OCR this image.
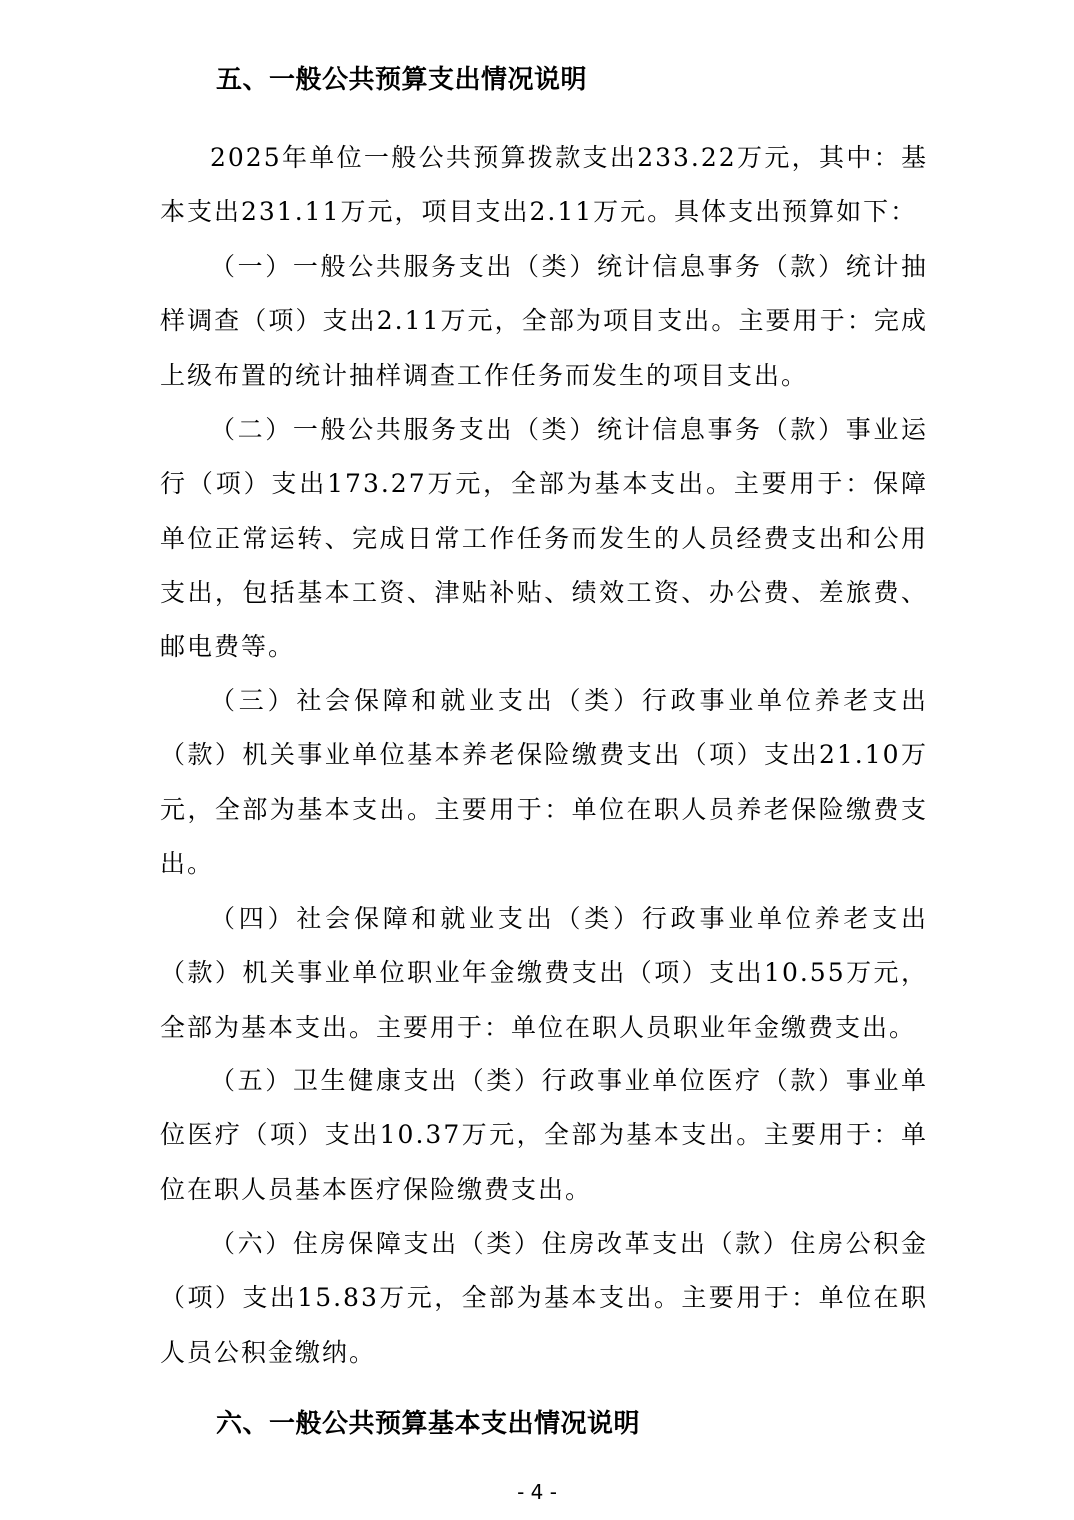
五、一般公共预算支出情况说明

2025年单位一般公共预算拨款支出233.22万元，其中：基本支出231.11万元，项目支出2.11万元。具体支出预算如下：

（一）一般公共服务支出（类）统计信息事务（款）统计抽样调查（项）支出2.11万元，全部为项目支出。主要用于：完成上级布置的统计抽样调查工作任务而发生的项目支出。

（二）一般公共服务支出（类）统计信息事务（款）事业运行（项）支出173.27万元，全部为基本支出。主要用于：保障单位正常运转、完成日常工作任务而发生的人员经费支出和公用支出，包括基本工资、津贴补贴、绩效工资、办公费、差旅费、邮电费等。

（三）社会保障和就业支出（类）行政事业单位养老支出（款）机关事业单位基本养老保险缴费支出（项）支出21.10万元，全部为基本支出。主要用于：单位在职人员养老保险缴费支出。

（四）社会保障和就业支出（类）行政事业单位养老支出（款）机关事业单位职业年金缴费支出（项）支出10.55万元，全部为基本支出。主要用于：单位在职人员职业年金缴费支出。

（五）卫生健康支出（类）行政事业单位医疗（款）事业单位医疗（项）支出10.37万元，全部为基本支出。主要用于：单位在职人员基本医疗保险缴费支出。

（六）住房保障支出（类）住房改革支出（款）住房公积金（项）支出15.83万元，全部为基本支出。主要用于：单位在职人员公积金缴纳。

六、一般公共预算基本支出情况说明
- 4 -
